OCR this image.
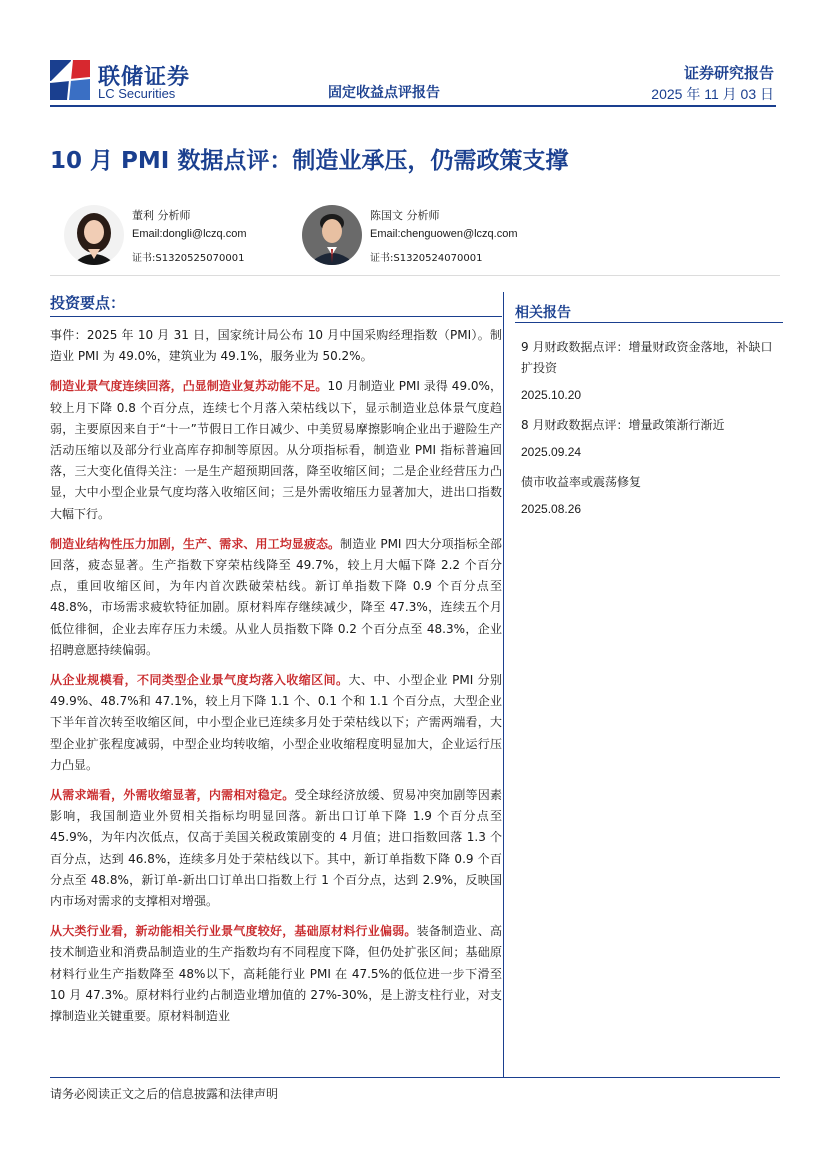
联储证券
LC Securities	固定收益点评报告
证券研究报告
2025 年 11 月 03 日
10 月 PMI 数据点评：制造业承压，仍需政策支撑
董利 分析师
Email:dongli@lczq.com
证书:S1320525070001
陈国文 分析师
Email:chenguowen@lczq.com
证书:S1320524070001
投资要点：

事件：2025 年 10 月 31 日，国家统计局公布 10 月中国采购经理指数（PMI）。制造业 PMI 为 49.0%，建筑业为 49.1%，服务业为 50.2%。

制造业景气度连续回落，凸显制造业复苏动能不足。10 月制造业 PMI 录得 49.0%，较上月下降 0.8 个百分点，连续七个月落入荣枯线以下，显示制造业总体景气度趋弱，主要原因来自于“十一”节假日工作日减少、中美贸易摩擦影响企业出于避险生产活动压缩以及部分行业高库存抑制等原因。从分项指标看，制造业 PMI 指标普遍回落，三大变化值得关注：一是生产超预期回落，降至收缩区间；二是企业经营压力凸显，大中小型企业景气度均落入收缩区间；三是外需收缩压力显著加大，进出口指数大幅下行。

制造业结构性压力加剧，生产、需求、用工均显疲态。制造业 PMI 四大分项指标全部回落，疲态显著。生产指数下穿荣枯线降至 49.7%，较上月大幅下降 2.2 个百分点，重回收缩区间，为年内首次跌破荣枯线。新订单指数下降 0.9 个百分点至 48.8%，市场需求疲软特征加剧。原材料库存继续减少，降至 47.3%，连续五个月低位徘徊，企业去库存压力未缓。从业人员指数下降 0.2 个百分点至 48.3%，企业招聘意愿持续偏弱。

从企业规模看，不同类型企业景气度均落入收缩区间。大、中、小型企业 PMI 分别 49.9%、48.7%和 47.1%，较上月下降 1.1 个、0.1 个和 1.1 个百分点，大型企业下半年首次转至收缩区间，中小型企业已连续多月处于荣枯线以下；产需两端看，大型企业扩张程度减弱，中型企业均转收缩，小型企业收缩程度明显加大，企业运行压力凸显。

从需求端看，外需收缩显著，内需相对稳定。受全球经济放缓、贸易冲突加剧等因素影响，我国制造业外贸相关指标均明显回落。新出口订单下降 1.9 个百分点至 45.9%，为年内次低点，仅高于美国关税政策剧变的 4 月值；进口指数回落 1.3 个百分点，达到 46.8%，连续多月处于荣枯线以下。其中，新订单指数下降 0.9 个百分点至 48.8%，新订单-新出口订单出口指数上行 1 个百分点，达到 2.9%，反映国内市场对需求的支撑相对增强。

从大类行业看，新动能相关行业景气度较好，基础原材料行业偏弱。装备制造业、高技术制造业和消费品制造业的生产指数均有不同程度下降，但仍处扩张区间；基础原材料行业生产指数降至 48%以下，高耗能行业 PMI 在 47.5%的低位进一步下滑至 10 月 47.3%。原材料行业约占制造业增加值的 27%-30%，是上游支柱行业，对支撑制造业关键重要。原材料制造业

相关报告
9 月财政数据点评：增量财政资金落地，补缺口扩投资
2025.10.20
8 月财政数据点评：增量政策渐行渐近
2025.09.24
债市收益率或震荡修复
2025.08.26
请务必阅读正文之后的信息披露和法律声明
